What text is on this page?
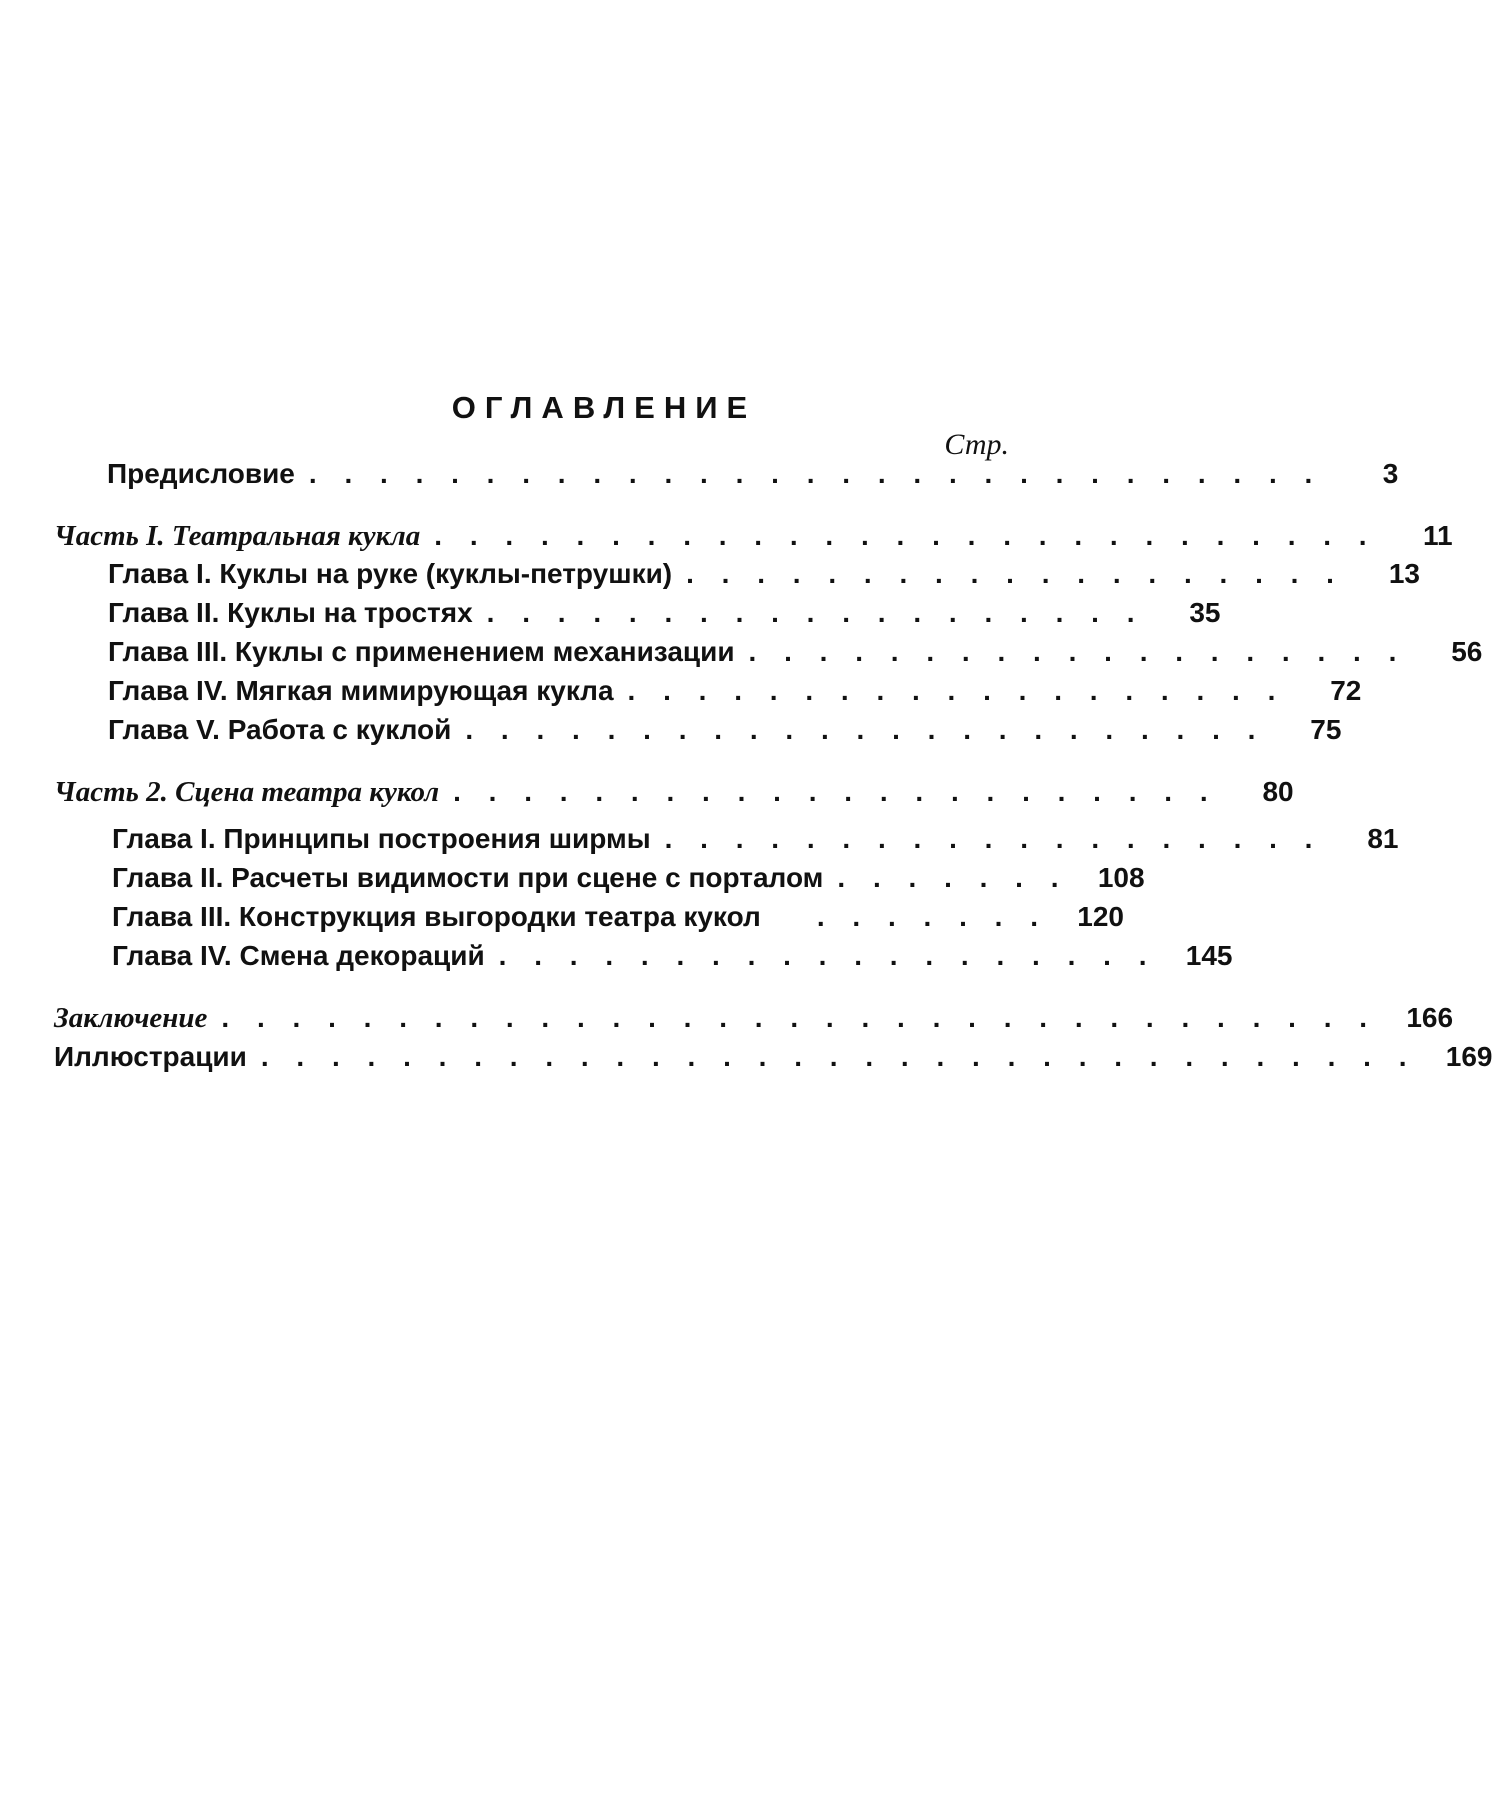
ОГЛАВЛЕНИЕ
Стр.
Предисловие . . . . . . . . . . . . . . . . . . . . . . . . . . . . .	3
Часть I. Театральная кукла . . . . . . . . . . . . . . . . . . . . . . . . . . .	11
Глава I. Куклы на руке (куклы-петрушки) . . . . . . . . . . . . . . . . . . .	13
Глава II. Куклы на тростях . . . . . . . . . . . . . . . . . . .	35
Глава III. Куклы с применением механизации . . . . . . . . . . . . . . . . . . .	56
Глава IV. Мягкая мимирующая кукла . . . . . . . . . . . . . . . . . . .	72
Глава V. Работа с куклой . . . . . . . . . . . . . . . . . . . . . . .	75
Часть 2. Сцена театра кукол . . . . . . . . . . . . . . . . . . . . . .	80
Глава I. Принципы построения ширмы . . . . . . . . . . . . . . . . . . .	81
Глава II. Расчеты видимости при сцене с порталом . . . . . . .	108
Глава III. Конструкция выгородки театра кукол	. . . . . . .	120
Глава IV. Смена декораций . . . . . . . . . . . . . . . . . . .	145
Заключение . . . . . . . . . . . . . . . . . . . . . . . . . . . . . . . . .	166
Иллюстрации . . . . . . . . . . . . . . . . . . . . . . . . . . . . . . . . .	169
